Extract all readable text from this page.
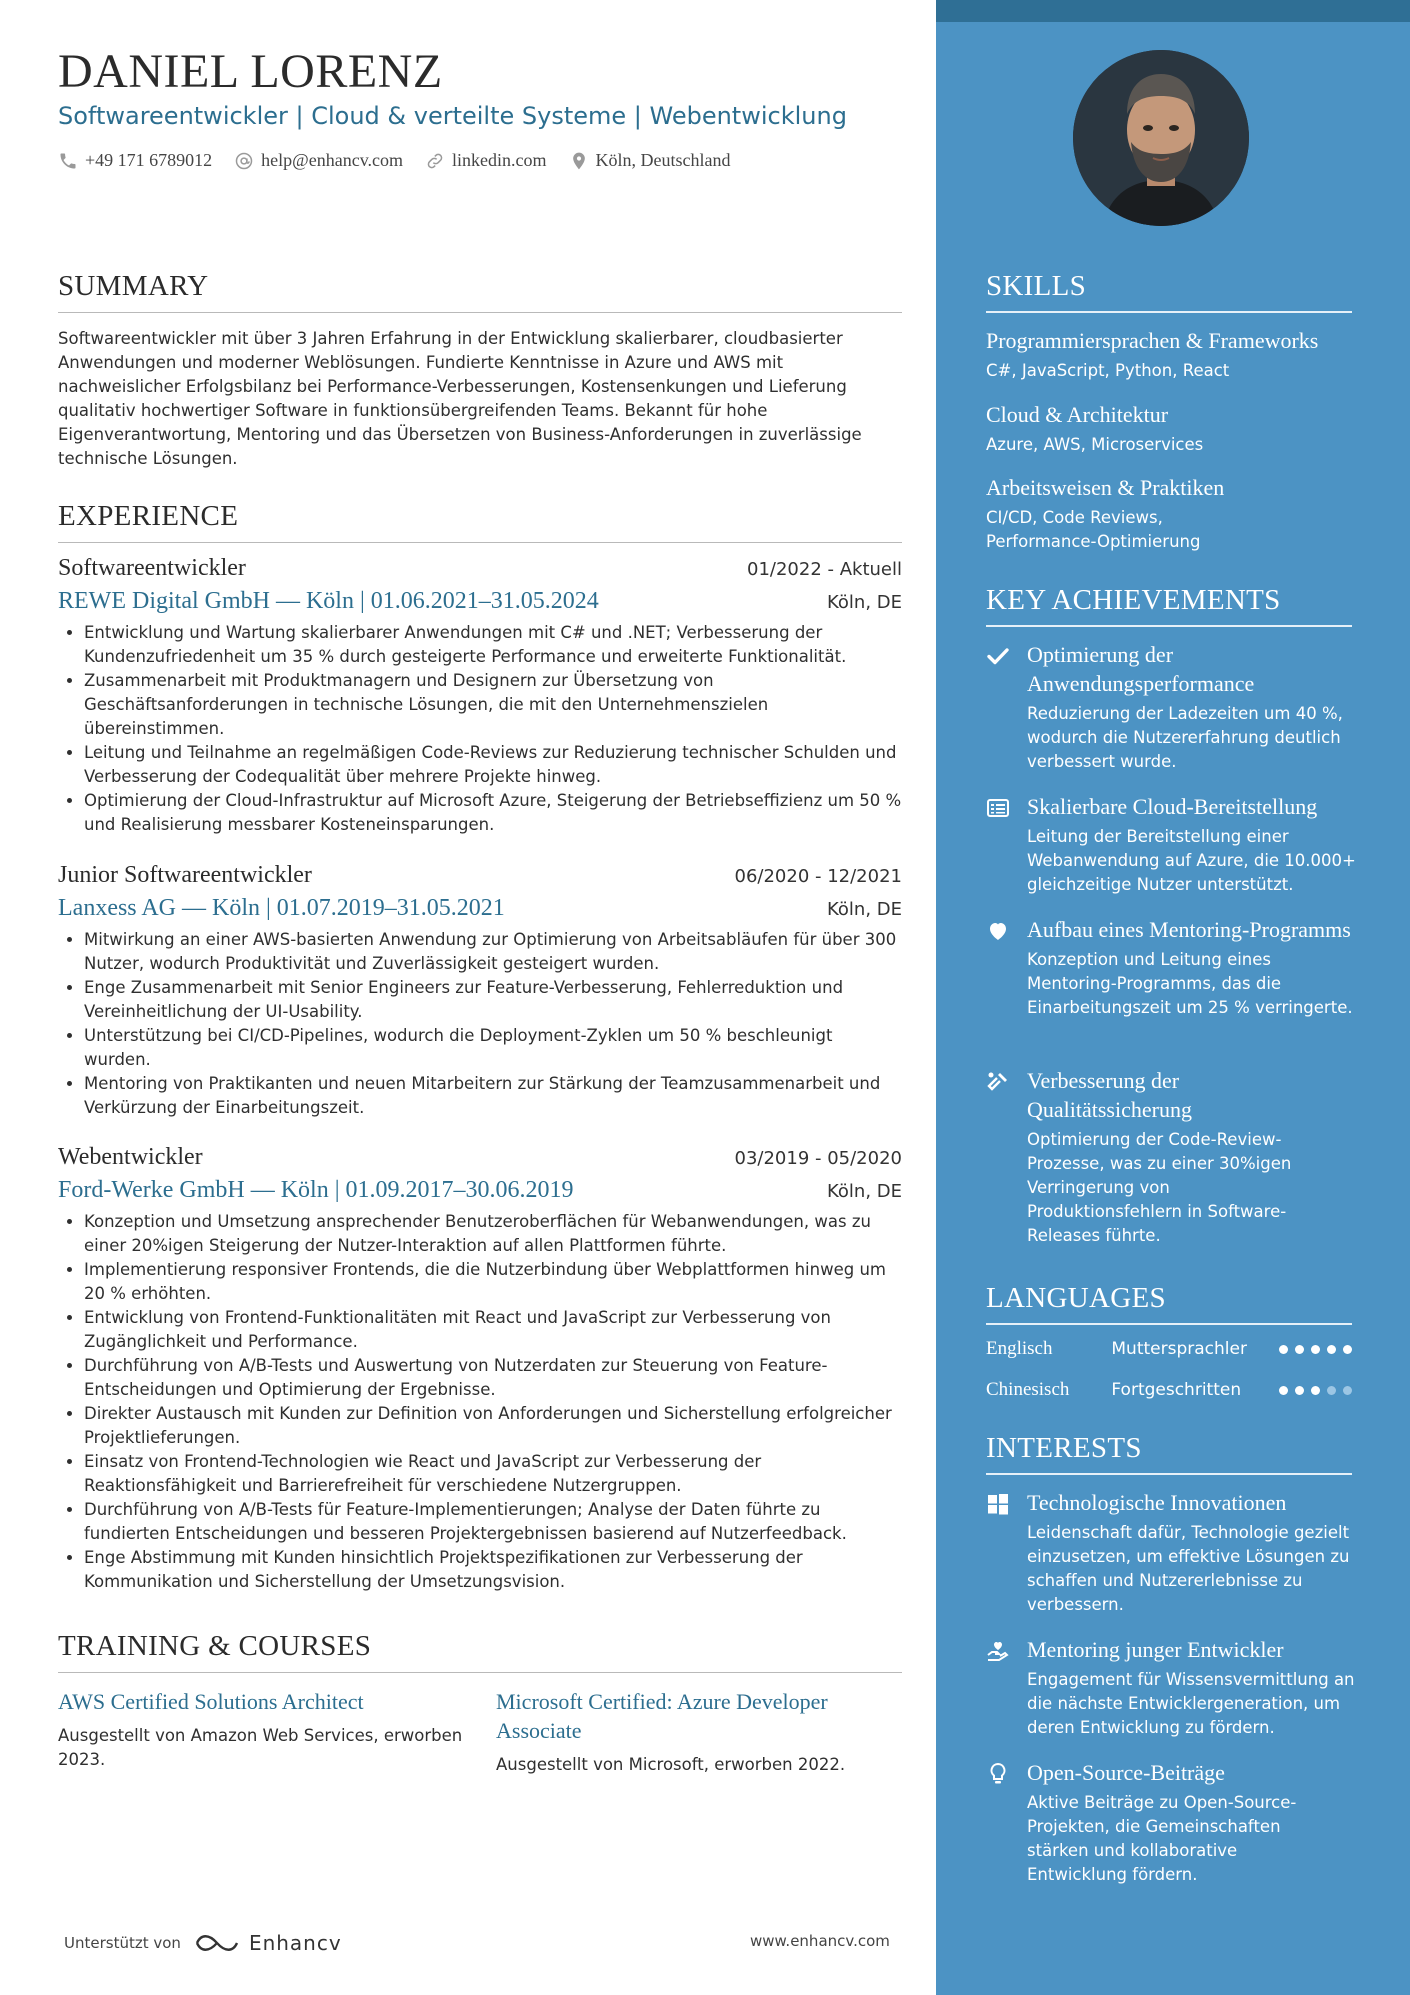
DANIEL LORENZ
Softwareentwickler | Cloud & verteilte Systeme | Webentwicklung
+49 171 6789012	help@enhancv.com	linkedin.com	Köln, Deutschland
SUMMARY
Softwareentwickler mit über 3 Jahren Erfahrung in der Entwicklung skalierbarer, cloudbasierter Anwendungen und moderner Weblösungen. Fundierte Kenntnisse in Azure und AWS mit nachweislicher Erfolgsbilanz bei Performance-Verbesserungen, Kostensenkungen und Lieferung qualitativ hochwertiger Software in funktionsübergreifenden Teams. Bekannt für hohe Eigenverantwortung, Mentoring und das Übersetzen von Business-Anforderungen in zuverlässige technische Lösungen.
EXPERIENCE
Softwareentwickler	01/2022 - Aktuell
REWE Digital GmbH — Köln | 01.06.2021–31.05.2024	Köln, DE
• Entwicklung und Wartung skalierbarer Anwendungen mit C# und .NET; Verbesserung der Kundenzufriedenheit um 35 % durch gesteigerte Performance und erweiterte Funktionalität.
• Zusammenarbeit mit Produktmanagern und Designern zur Übersetzung von Geschäftsanforderungen in technische Lösungen, die mit den Unternehmenszielen übereinstimmen.
• Leitung und Teilnahme an regelmäßigen Code-Reviews zur Reduzierung technischer Schulden und Verbesserung der Codequalität über mehrere Projekte hinweg.
• Optimierung der Cloud-Infrastruktur auf Microsoft Azure, Steigerung der Betriebseffizienz um 50 % und Realisierung messbarer Kosteneinsparungen.
Junior Softwareentwickler	06/2020 - 12/2021
Lanxess AG — Köln | 01.07.2019–31.05.2021	Köln, DE
• Mitwirkung an einer AWS-basierten Anwendung zur Optimierung von Arbeitsabläufen für über 300 Nutzer, wodurch Produktivität und Zuverlässigkeit gesteigert wurden.
• Enge Zusammenarbeit mit Senior Engineers zur Feature-Verbesserung, Fehlerreduktion und Vereinheitlichung der UI-Usability.
• Unterstützung bei CI/CD-Pipelines, wodurch die Deployment-Zyklen um 50 % beschleunigt wurden.
• Mentoring von Praktikanten und neuen Mitarbeitern zur Stärkung der Teamzusammenarbeit und Verkürzung der Einarbeitungszeit.
Webentwickler	03/2019 - 05/2020
Ford-Werke GmbH — Köln | 01.09.2017–30.06.2019	Köln, DE
• Konzeption und Umsetzung ansprechender Benutzeroberflächen für Webanwendungen, was zu einer 20%igen Steigerung der Nutzer-Interaktion auf allen Plattformen führte.
• Implementierung responsiver Frontends, die die Nutzerbindung über Webplattformen hinweg um 20 % erhöhten.
• Entwicklung von Frontend-Funktionalitäten mit React und JavaScript zur Verbesserung von Zugänglichkeit und Performance.
• Durchführung von A/B-Tests und Auswertung von Nutzerdaten zur Steuerung von Feature-Entscheidungen und Optimierung der Ergebnisse.
• Direkter Austausch mit Kunden zur Definition von Anforderungen und Sicherstellung erfolgreicher Projektlieferungen.
• Einsatz von Frontend-Technologien wie React und JavaScript zur Verbesserung der Reaktionsfähigkeit und Barrierefreiheit für verschiedene Nutzergruppen.
• Durchführung von A/B-Tests für Feature-Implementierungen; Analyse der Daten führte zu fundierten Entscheidungen und besseren Projektergebnissen basierend auf Nutzerfeedback.
• Enge Abstimmung mit Kunden hinsichtlich Projektspezifikationen zur Verbesserung der Kommunikation und Sicherstellung der Umsetzungsvision.
TRAINING & COURSES
AWS Certified Solutions Architect
Ausgestellt von Amazon Web Services, erworben 2023.
Microsoft Certified: Azure Developer Associate
Ausgestellt von Microsoft, erworben 2022.
Unterstützt von	Enhancv	www.enhancv.com
SKILLS
Programmiersprachen & Frameworks
C#, JavaScript, Python, React
Cloud & Architektur
Azure, AWS, Microservices
Arbeitsweisen & Praktiken
CI/CD, Code Reviews, Performance-Optimierung
KEY ACHIEVEMENTS
Optimierung der Anwendungsperformance
Reduzierung der Ladezeiten um 40 %, wodurch die Nutzererfahrung deutlich verbessert wurde.
Skalierbare Cloud-Bereitstellung
Leitung der Bereitstellung einer Webanwendung auf Azure, die 10.000+ gleichzeitige Nutzer unterstützt.
Aufbau eines Mentoring-Programms
Konzeption und Leitung eines Mentoring-Programms, das die Einarbeitungszeit um 25 % verringerte.
Verbesserung der Qualitätssicherung
Optimierung der Code-Review-Prozesse, was zu einer 30%igen Verringerung von Produktionsfehlern in Software-Releases führte.
LANGUAGES
Englisch	Muttersprachler
Chinesisch	Fortgeschritten
INTERESTS
Technologische Innovationen
Leidenschaft dafür, Technologie gezielt einzusetzen, um effektive Lösungen zu schaffen und Nutzererlebnisse zu verbessern.
Mentoring junger Entwickler
Engagement für Wissensvermittlung an die nächste Entwicklergeneration, um deren Entwicklung zu fördern.
Open-Source-Beiträge
Aktive Beiträge zu Open-Source-Projekten, die Gemeinschaften stärken und kollaborative Entwicklung fördern.
